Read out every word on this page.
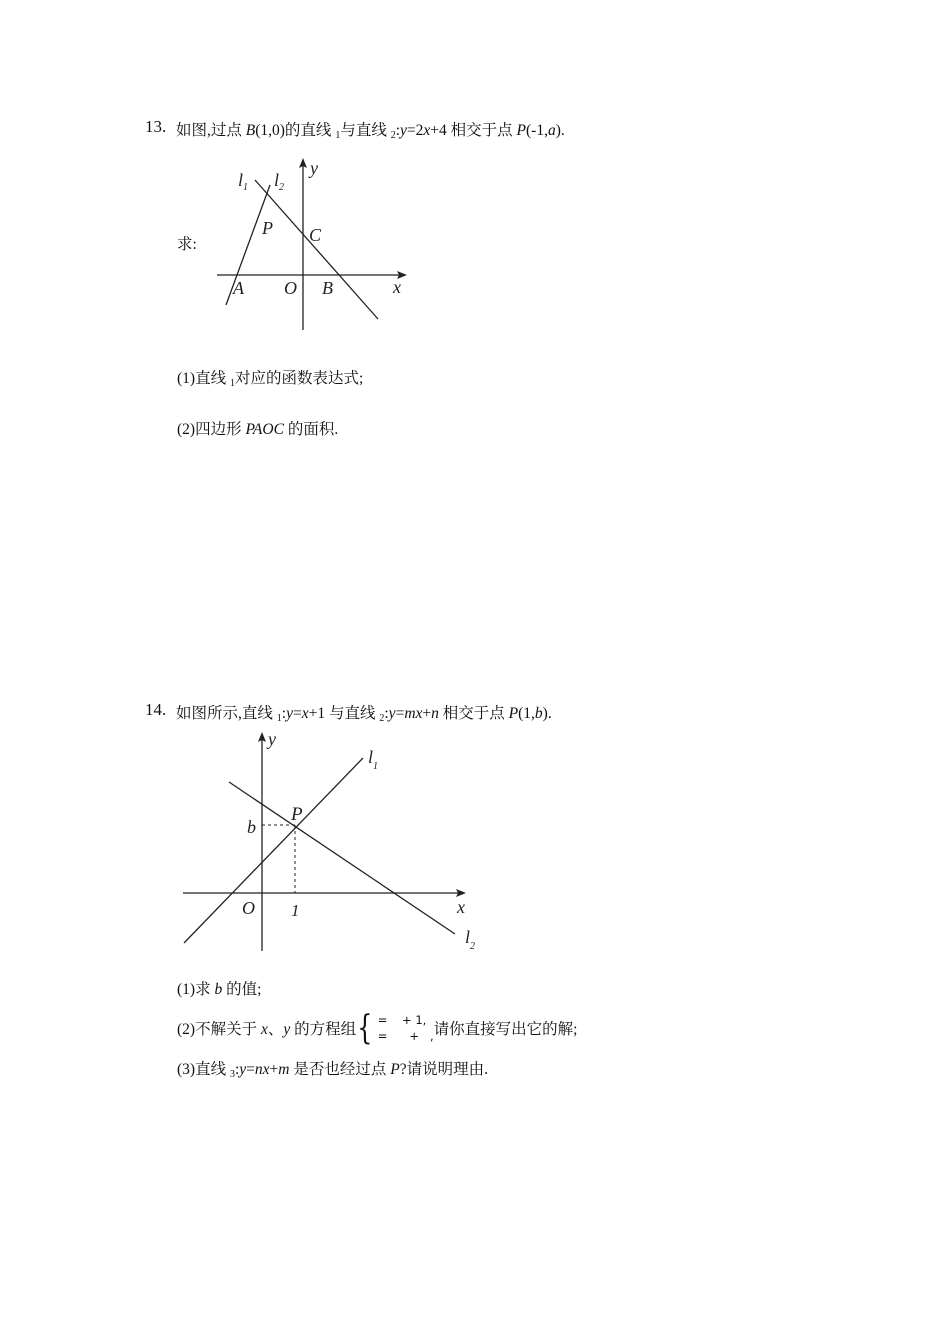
13. 如图,过点 B(1,0)的直线 $_1$与直线 $_2$:y=2x+4 相交于点 P(-1,a).
求:
$l_1$ $l_2$
y
x
P C
A O B
(1)直线 $_1$对应的函数表达式;
(2)四边形 PAOC 的面积.
14. 如图所示,直线 $_1$:y=x+1 与直线 $_2$:y=mx+n 相交于点 P(1,b).
y
x
$l_1$
$l_2$
P
b
O 1
(1)求 b 的值;
(2)不解关于 x、y 的方程组{ =    + 1,
=      +   , 请你直接写出它的解;
(3)直线 $_3$:y=nx+m 是否也经过点 P?请说明理由.
